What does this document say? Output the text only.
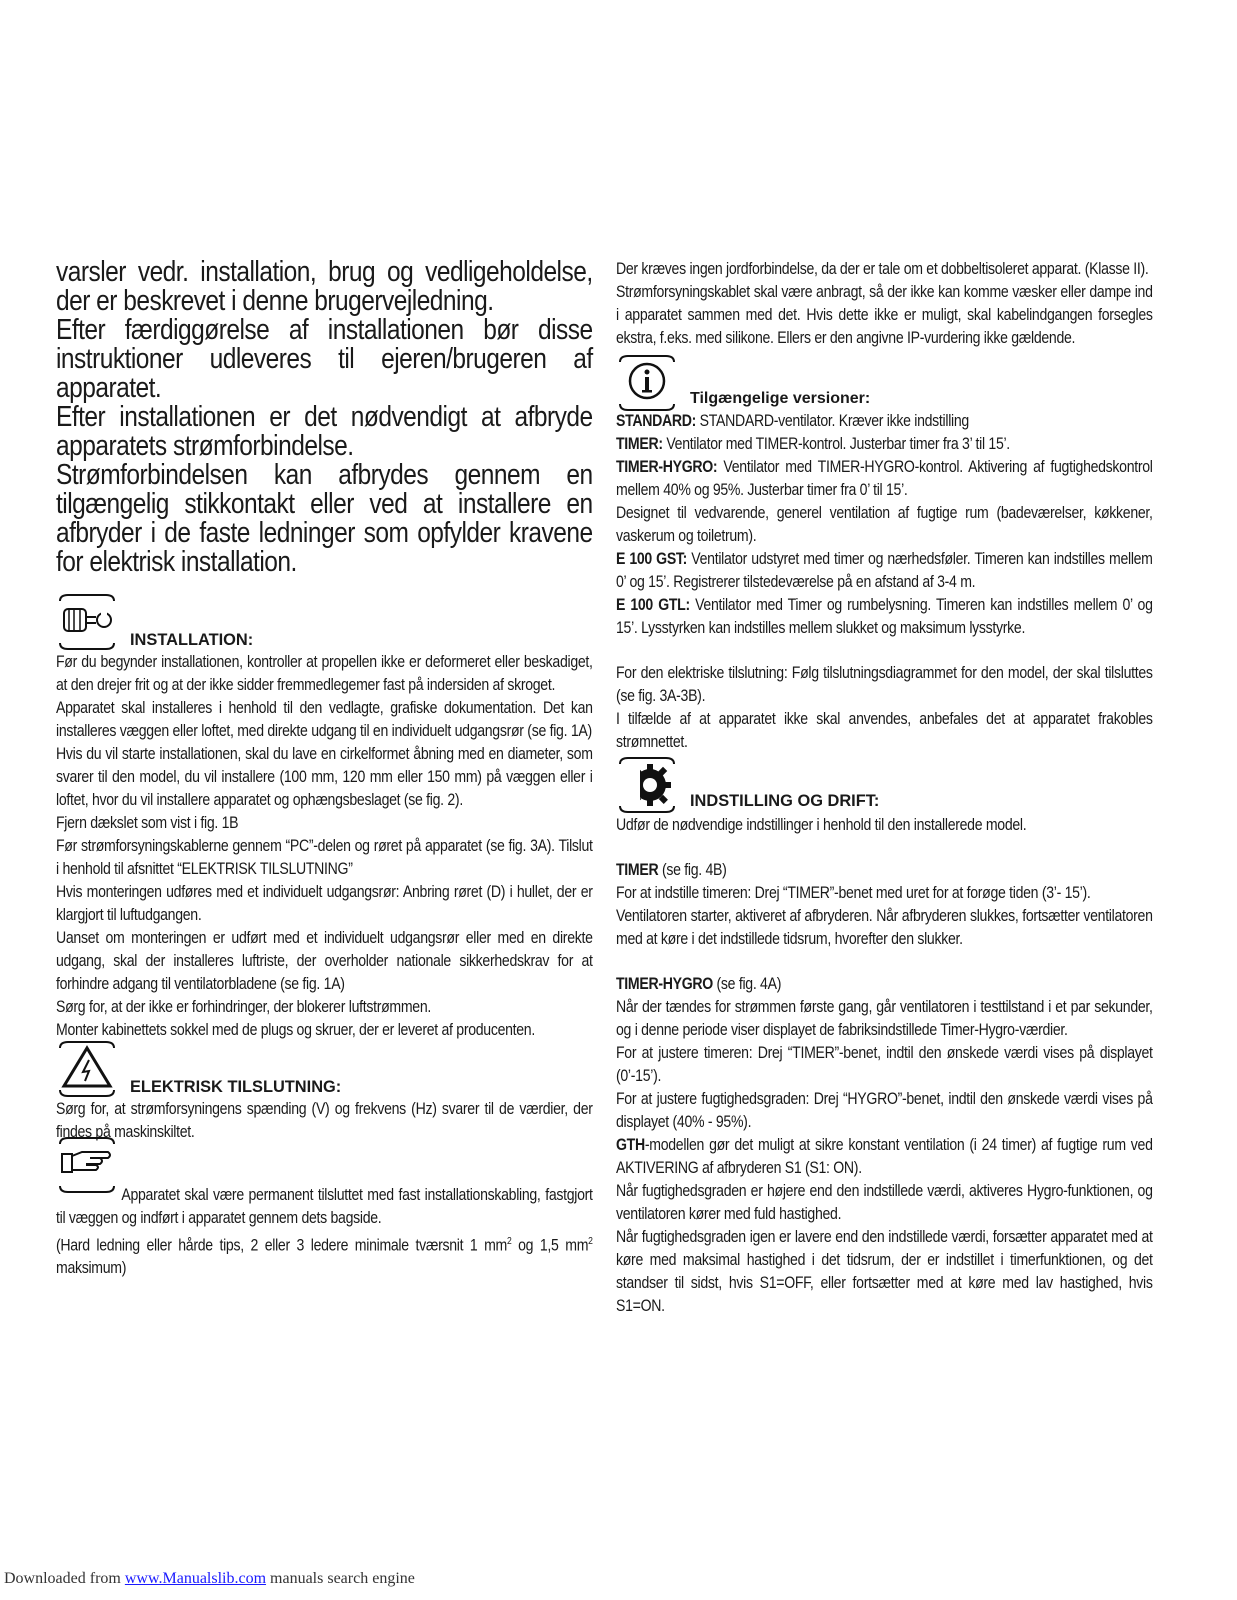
varsler vedr. installation, brug og vedligeholdelse, der er beskrevet i denne brugervejledning.

Efter færdiggørelse af installationen bør disse instruktioner udleveres til ejeren/brugeren af apparatet.

Efter installationen er det nødvendigt at afbryde apparatets strømforbindelse.

Strømforbindelsen kan afbrydes gennem en tilgængelig stikkontakt eller ved at installere en afbryder i de faste ledninger som opfylder kravene for elektrisk installation.

INSTALLATION:

Før du begynder installationen, kontroller at propellen ikke er deformeret eller beskadiget, at den drejer frit og at der ikke sidder fremmedlegemer fast på indersiden af skroget.

Apparatet skal installeres i henhold til den vedlagte, grafiske dokumentation. Det kan installeres væggen eller loftet, med direkte udgang til en individuelt udgangsrør (se fig. 1A)

Hvis du vil starte installationen, skal du lave en cirkelformet åbning med en diameter, som svarer til den model, du vil installere (100 mm, 120 mm eller 150 mm) på væggen eller i loftet, hvor du vil installere apparatet og ophængsbeslaget (se fig. 2).

Fjern dækslet som vist i fig. 1B

Før strømforsyningskablerne gennem “PC”-delen og røret på apparatet (se fig. 3A). Tilslut i henhold til afsnittet “ELEKTRISK TILSLUTNING”

Hvis monteringen udføres med et individuelt udgangsrør: Anbring røret (D) i hullet, der er klargjort til luftudgangen.

Uanset om monteringen er udført med et individuelt udgangsrør eller med en direkte udgang, skal der installeres luftriste, der overholder nationale sikkerhedskrav for at forhindre adgang til ventilatorbladene (se fig. 1A)

Sørg for, at der ikke er forhindringer, der blokerer luftstrømmen.

Monter kabinettets sokkel med de plugs og skruer, der er leveret af producenten.

ELEKTRISK TILSLUTNING:

Sørg for, at strømforsyningens spænding (V) og frekvens (Hz) svarer til de værdier, der findes på maskinskiltet.

Apparatet skal være permanent tilsluttet med fast installationskabling, fastgjort til væggen og indført i apparatet gennem dets bagside.

(Hard ledning eller hårde tips, 2 eller 3 ledere minimale tværsnit 1 $mm^2$ og 1,5 $mm^2$ maksimum)

Der kræves ingen jordforbindelse, da der er tale om et dobbeltisoleret apparat. (Klasse II).

Strømforsyningskablet skal være anbragt, så der ikke kan komme væsker eller dampe ind i apparatet sammen med det. Hvis dette ikke er muligt, skal kabelindgangen forsegles ekstra, f.eks. med silikone. Ellers er den angivne IP-vurdering ikke gældende.

Tilgængelige versioner:

STANDARD: STANDARD-ventilator. Kræver ikke indstilling

TIMER: Ventilator med TIMER-kontrol. Justerbar timer fra 3’ til 15’.

TIMER-HYGRO: Ventilator med TIMER-HYGRO-kontrol. Aktivering af fugtighedskontrol mellem 40% og 95%. Justerbar timer fra 0’ til 15’.

Designet til vedvarende, generel ventilation af fugtige rum (badeværelser, køkkener, vaskerum og toiletrum).

E 100 GST: Ventilator udstyret med timer og nærhedsføler. Timeren kan indstilles mellem 0’ og 15’. Registrerer tilstedeværelse på en afstand af 3-4 m.

E 100 GTL: Ventilator med Timer og rumbelysning. Timeren kan indstilles mellem 0’ og 15’. Lysstyrken kan indstilles mellem slukket og maksimum lysstyrke.

For den elektriske tilslutning: Følg tilslutningsdiagrammet for den model, der skal tilsluttes (se fig. 3A-3B).

I tilfælde af at apparatet ikke skal anvendes, anbefales det at apparatet frakobles strømnettet.

INDSTILLING OG DRIFT:

Udfør de nødvendige indstillinger i henhold til den installerede model.

TIMER (se fig. 4B)

For at indstille timeren: Drej “TIMER”-benet med uret for at forøge tiden (3’- 15’).

Ventilatoren starter, aktiveret af afbryderen. Når afbryderen slukkes, fortsætter ventilatoren med at køre i det indstillede tidsrum, hvorefter den slukker.

TIMER-HYGRO (se fig. 4A)

Når der tændes for strømmen første gang, går ventilatoren i testtilstand i et par sekunder, og i denne periode viser displayet de fabriksindstillede Timer-Hygro-værdier.

For at justere timeren: Drej “TIMER”-benet, indtil den ønskede værdi vises på displayet (0’-15’).

For at justere fugtighedsgraden: Drej “HYGRO”-benet, indtil den ønskede værdi vises på displayet (40% - 95%).

GTH-modellen gør det muligt at sikre konstant ventilation (i 24 timer) af fugtige rum ved AKTIVERING af afbryderen S1 (S1: ON).

Når fugtighedsgraden er højere end den indstillede værdi, aktiveres Hygro-funktionen, og ventilatoren kører med fuld hastighed.

Når fugtighedsgraden igen er lavere end den indstillede værdi, forsætter apparatet med at køre med maksimal hastighed i det tidsrum, der er indstillet i timerfunktionen, og det standser til sidst, hvis S1=OFF, eller fortsætter med at køre med lav hastighed, hvis S1=ON.

Downloaded from www.Manualslib.com manuals search engine
